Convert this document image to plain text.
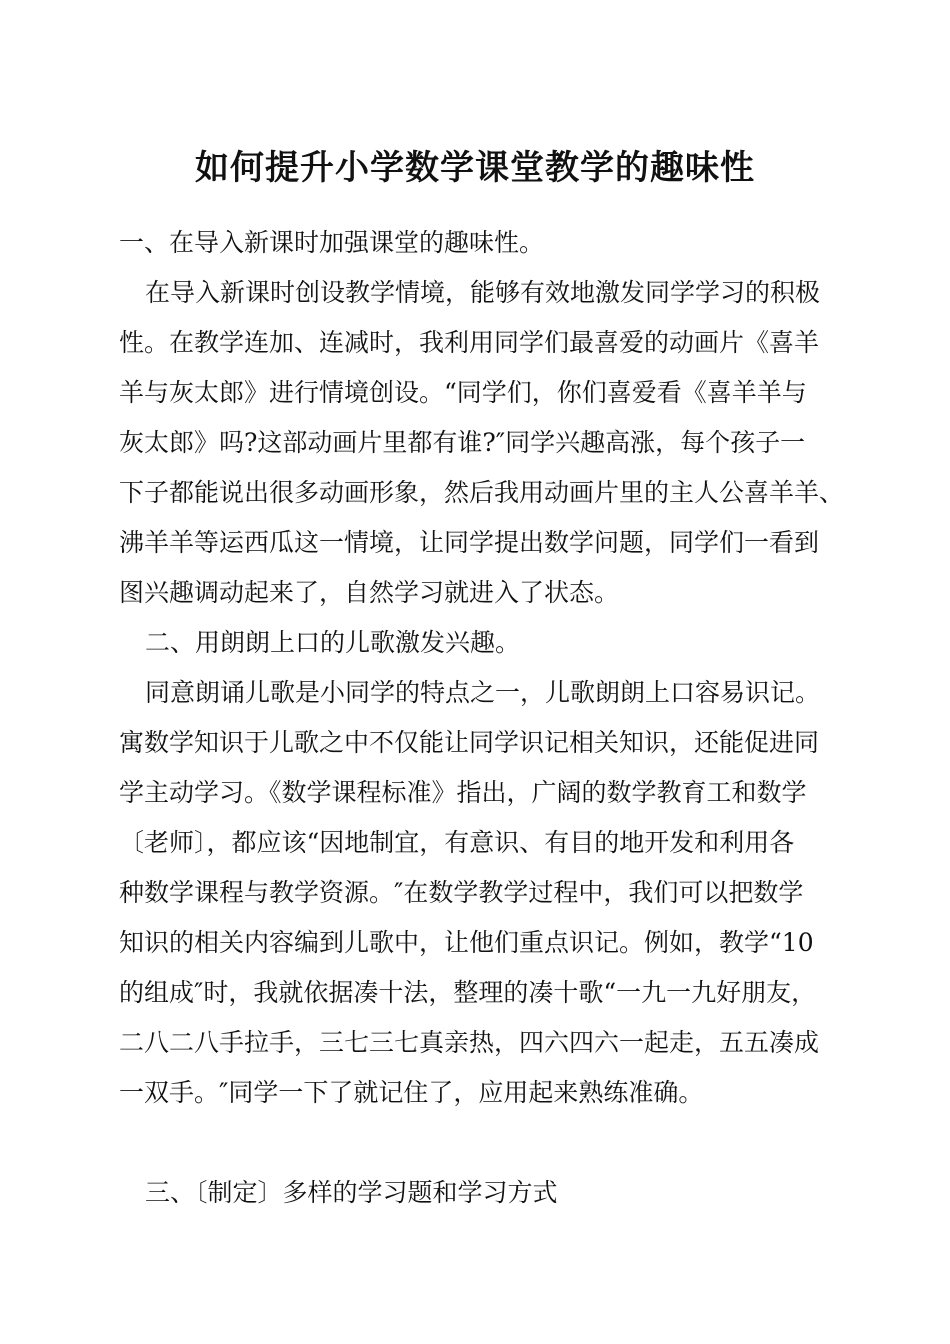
如何提升小学数学课堂教学的趣味性
一、在导入新课时加强课堂的趣味性。
在导入新课时创设教学情境，能够有效地激发同学学习的积极
性。在教学连加、连减时，我利用同学们最喜爱的动画片《喜羊
羊与灰太郎》进行情境创设。“同学们，你们喜爱看《喜羊羊与
灰太郎》吗?这部动画片里都有谁?″同学兴趣高涨，每个孩子一
下子都能说出很多动画形象，然后我用动画片里的主人公喜羊羊、
沸羊羊等运西瓜这一情境，让同学提出数学问题，同学们一看到
图兴趣调动起来了，自然学习就进入了状态。
二、用朗朗上口的儿歌激发兴趣。
同意朗诵儿歌是小同学的特点之一，儿歌朗朗上口容易识记。
寓数学知识于儿歌之中不仅能让同学识记相关知识，还能促进同
学主动学习。《数学课程标准》指出，广阔的数学教育工和数学
〔老师〕，都应该“因地制宜，有意识、有目的地开发和利用各
种数学课程与教学资源。″在数学教学过程中，我们可以把数学
知识的相关内容编到儿歌中，让他们重点识记。例如，教学“10
的组成″时，我就依据凑十法，整理的凑十歌“一九一九好朋友，
二八二八手拉手，三七三七真亲热，四六四六一起走，五五凑成
一双手。″同学一下了就记住了，应用起来熟练准确。
三、〔制定〕多样的学习题和学习方式
